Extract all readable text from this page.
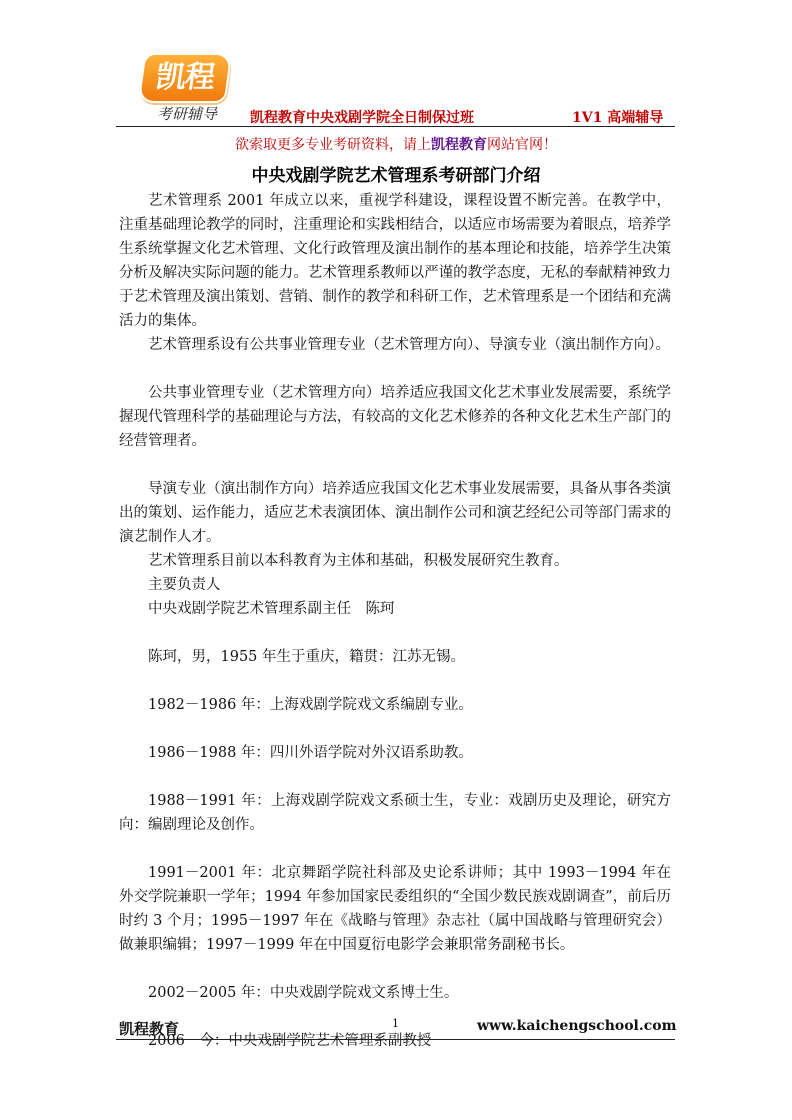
凯程
考研辅导	凯程教育中央戏剧学院全日制保过班	1V1 高端辅导
欲索取更多专业考研资料，请上凯程教育网站官网！
中央戏剧学院艺术管理系考研部门介绍

艺术管理系 2001 年成立以来，重视学科建设，课程设置不断完善。在教学中，注重基础理论教学的同时，注重理论和实践相结合，以适应市场需要为着眼点，培养学生系统掌握文化艺术管理、文化行政管理及演出制作的基本理论和技能，培养学生决策分析及解决实际问题的能力。艺术管理系教师以严谨的教学态度，无私的奉献精神致力于艺术管理及演出策划、营销、制作的教学和科研工作，艺术管理系是一个团结和充满活力的集体。

艺术管理系设有公共事业管理专业（艺术管理方向）、导演专业（演出制作方向）。

公共事业管理专业（艺术管理方向）培养适应我国文化艺术事业发展需要，系统学握现代管理科学的基础理论与方法，有较高的文化艺术修养的各种文化艺术生产部门的经营管理者。

导演专业（演出制作方向）培养适应我国文化艺术事业发展需要，具备从事各类演出的策划、运作能力，适应艺术表演团体、演出制作公司和演艺经纪公司等部门需求的演艺制作人才。

艺术管理系目前以本科教育为主体和基础，积极发展研究生教育。

主要负责人

中央戏剧学院艺术管理系副主任　陈珂

陈珂，男，1955 年生于重庆，籍贯：江苏无锡。

1982－1986 年：上海戏剧学院戏文系编剧专业。

1986－1988 年：四川外语学院对外汉语系助教。

1988－1991 年：上海戏剧学院戏文系硕士生，专业：戏剧历史及理论，研究方向：编剧理论及创作。

1991－2001 年：北京舞蹈学院社科部及史论系讲师；其中 1993－1994 年在外交学院兼职一学年；1994 年参加国家民委组织的“全国少数民族戏剧调查”，前后历时约 3 个月；1995－1997 年在《战略与管理》杂志社（属中国战略与管理研究会）做兼职编辑；1997－1999 年在中国夏衍电影学会兼职常务副秘书长。

2002－2005 年：中央戏剧学院戏文系博士生。

2006－今：中央戏剧学院艺术管理系副教授

凯程教育	1	www.kaichengschool.com
